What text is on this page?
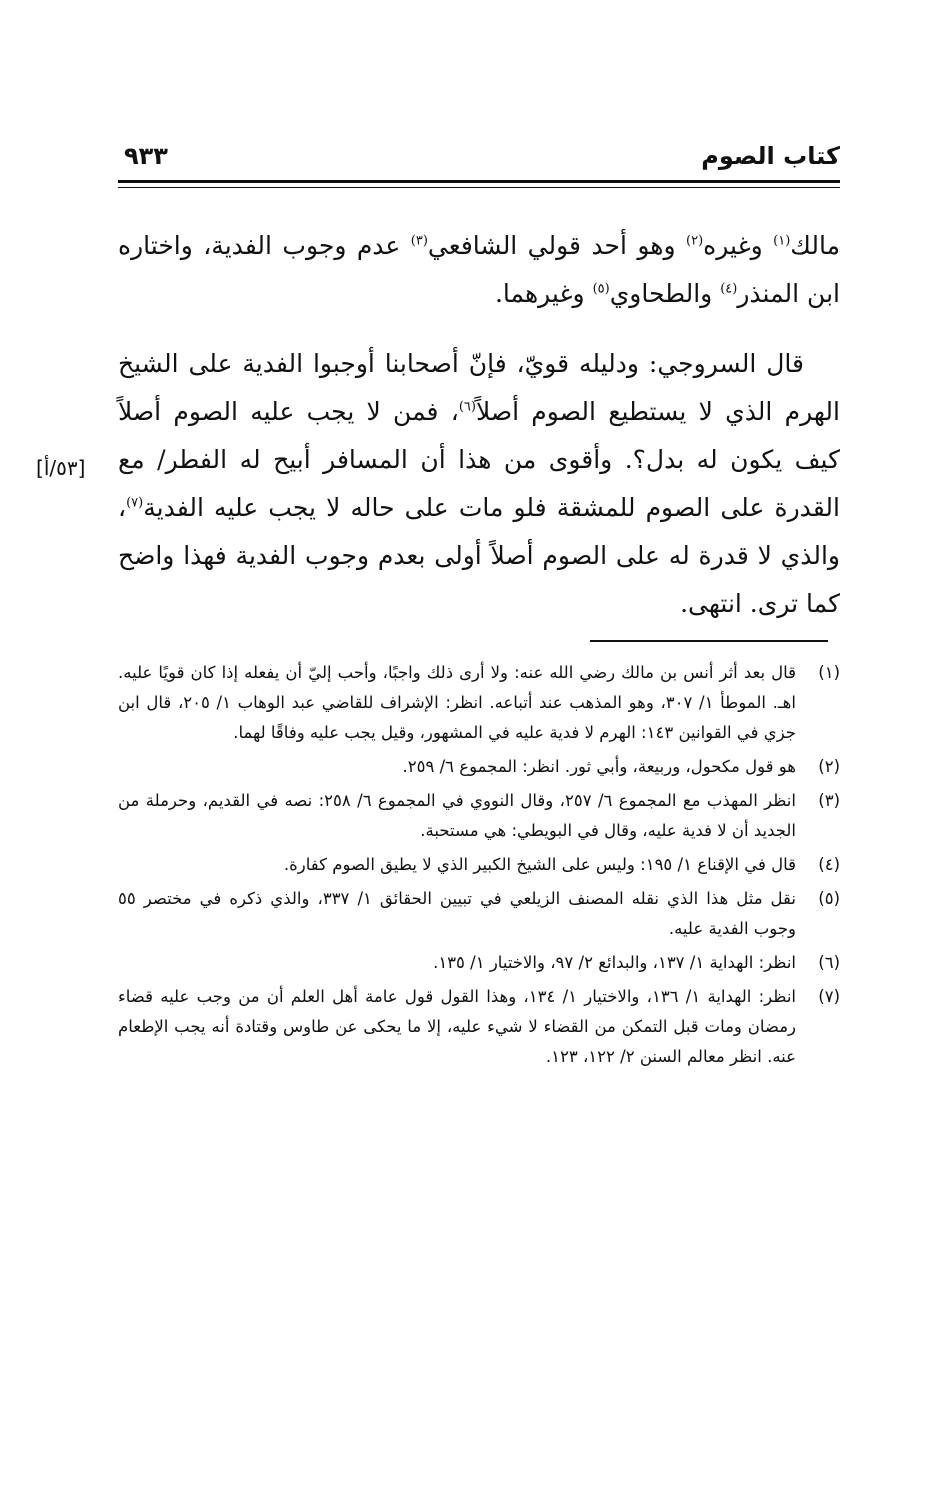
كتاب الصوم
٩٣٣

مالك$^{(١)}$ وغيره$^{(٢)}$ وهو أحد قولي الشافعي$^{(٣)}$ عدم وجوب الفدية، واختاره ابن المنذر$^{(٤)}$ والطحاوي$^{(٥)}$ وغيرهما.

قال السروجي: ودليله قويّ، فإنّ أصحابنا أوجبوا الفدية على الشيخ الهرم الذي لا يستطيع الصوم أصلاً$^{(٦)}$، فمن لا يجب عليه الصوم أصلاً كيف يكون له بدل؟. وأقوى من هذا أن المسافر أبيح له الفطر/ مع القدرة على الصوم للمشقة فلو مات على حاله لا يجب عليه الفدية$^{(٧)}$، والذي لا قدرة له على الصوم أصلاً أولى بعدم وجوب الفدية فهذا واضح كما ترى. انتهى.

[٥٣/أ]
(١)
قال بعد أثر أنس بن مالك رضي الله عنه: ولا أرى ذلك واجبًا، وأحب إليّ أن يفعله إذا كان قويًا عليه. اهـ. الموطأ ١/ ٣٠٧، وهو المذهب عند أتباعه. انظر: الإشراف للقاضي عبد الوهاب ١/ ٢٠٥، قال ابن جزي في القوانين ١٤٣: الهرم لا فدية عليه في المشهور، وقيل يجب عليه وفاقًا لهما.
(٢)
هو قول مكحول، وربيعة، وأبي ثور. انظر: المجموع ٦/ ٢٥٩.
(٣)
انظر المهذب مع المجموع ٦/ ٢٥٧، وقال النووي في المجموع ٦/ ٢٥٨: نصه في القديم، وحرملة من الجديد أن لا فدية عليه، وقال في البويطي: هي مستحبة.
(٤)
قال في الإقناع ١/ ١٩٥: وليس على الشيخ الكبير الذي لا يطيق الصوم كفارة.
(٥)
نقل مثل هذا الذي نقله المصنف الزيلعي في تبيين الحقائق ١/ ٣٣٧، والذي ذكره في مختصر ٥٥ وجوب الفدية عليه.
(٦)
انظر: الهداية ١/ ١٣٧، والبدائع ٢/ ٩٧، والاختيار ١/ ١٣٥.
(٧)
انظر: الهداية ١/ ١٣٦، والاختيار ١/ ١٣٤، وهذا القول قول عامة أهل العلم أن من وجب عليه قضاء رمضان ومات قبل التمكن من القضاء لا شيء عليه، إلا ما يحكى عن طاوس وقتادة أنه يجب الإطعام عنه. انظر معالم السنن ٢/ ١٢٢، ١٢٣.
